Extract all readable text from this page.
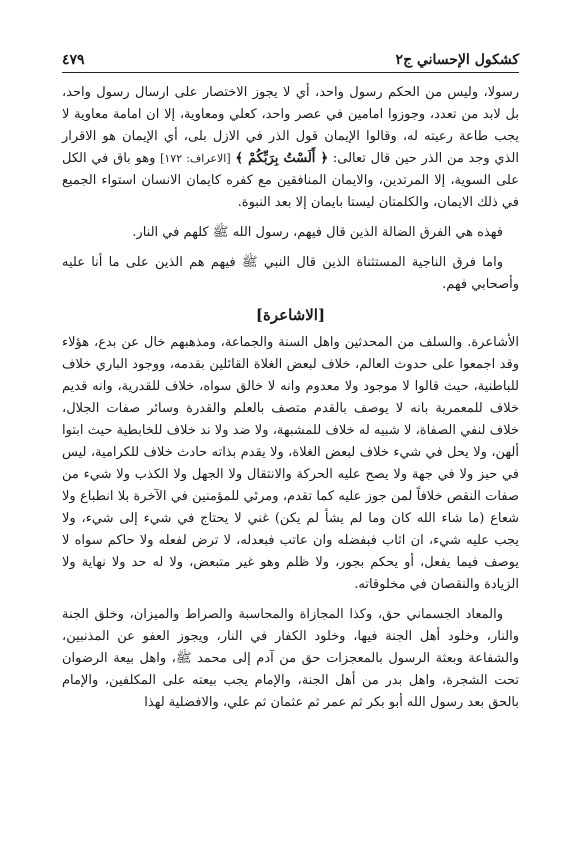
٤٧٩	كشكول الإحساني ج٢

رسولا، وليس من الحكم رسول واحد، أي لا يجوز الاختصار على ارسال رسول واحد، بل لابد من تعدد، وجوزوا امامين في عصر واحد، كعلي ومعاوية، إلا ان امامة معاوية لا يجب طاعة رعيته له، وقالوا الإيمان قول الذر في الازل بلى، أي الإيمان هو الاقرار الذي وجد من الذر حين قال تعالى: ﴿ أَلَسْتُ بِرَبِّكُمْ ﴾ [الاعراف: ١٧٢] وهو باق في الكل على السوية، إلا المرتدين، والايمان المنافقين مع كفره كايمان الانسان استواء الجميع في ذلك الايمان، والكلمتان ليستا بايمان إلا بعد النبوة.

فهذه هي الفرق الضالة الذين قال فيهم، رسول الله ﷺ كلهم في النار.

واما فرق الناجية المستثناة الذين قال النبي ﷺ فيهم هم الذين على ما أنا عليه وأصحابي فهم.

[الاشاعرة]

الأشاعرة. والسلف من المحدثين واهل السنة والجماعة، ومذهبهم خال عن بدع، هؤلاء وقد اجمعوا على حدوث العالم، خلاف لبعض الغلاة القائلين بقدمه، ووجود الباري خلاف للباطنية، حيث قالوا لا موجود ولا معدوم وانه لا خالق سواه، خلاف للقدرية، وانه قديم خلاف للمعمرية بانه لا يوصف بالقدم متصف بالعلم والقدرة وسائر صفات الجلال، خلاف لنفي الصفاة، لا شبيه له خلاف للمشبهة، ولا ضد ولا ند خلاف للخابطية حيث ابتوا ألهن، ولا يحل في شيء خلاف لبعض الغلاة، ولا يقدم بذاته حادث خلاف للكرامية، ليس في حيز ولا في جهة ولا يصح عليه الحركة والانتقال ولا الجهل ولا الكذب ولا شيء من صفات النقص خلافاً لمن جوز عليه كما تقدم، ومرئي للمؤمنين في الآخرة بلا انطباع ولا شعاع (ما شاء الله كان وما لم يشأ لم يكن) غني لا يحتاج في شيء إلى شيء، ولا يجب عليه شيء، ان اثاب فبفضله وان عاتب فبعدله، لا ترض لفعله ولا حاكم سواه لا يوصف فيما يفعل، أو يحكم بجور، ولا ظلم وهو غير متبعض، ولا له حد ولا نهاية ولا الزيادة والنقصان في مخلوقاته.

والمعاد الجسماني حق، وكذا المجازاة والمحاسبة والصراط والميزان، وخلق الجنة والنار، وخلود أهل الجنة فيها، وخلود الكفار في النار، ويجوز العفو عن المذنبين، والشفاعة وبعثة الرسول بالمعجزات حق من آدم إلى محمد ﷺ، واهل بيعة الرضوان تحت الشجرة، واهل بدر من أهل الجنة، والإمام يجب بيعته على المكلفين، والإمام بالحق بعد رسول الله أبو بكر ثم عمر ثم عثمان ثم علي، والافضلية لهذا
